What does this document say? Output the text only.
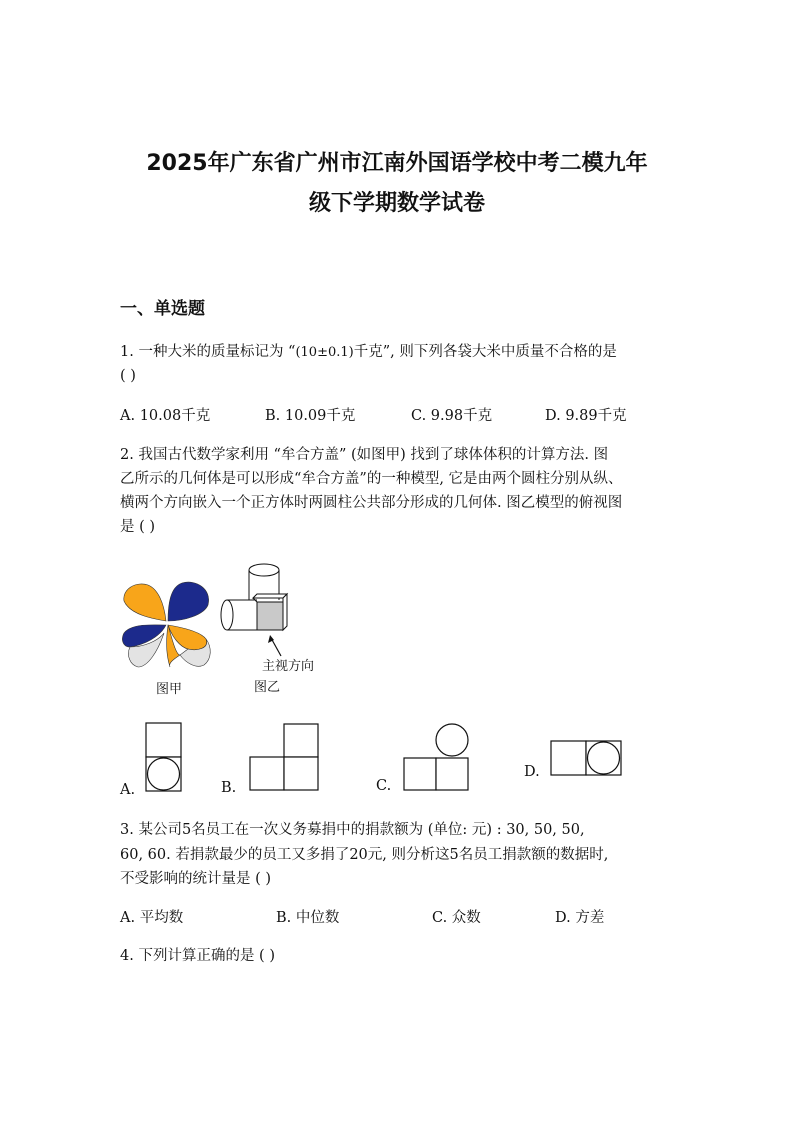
2025年广东省广州市江南外国语学校中考二模九年
级下学期数学试卷
一、单选题
1. 一种大米的质量标记为 “(10±0.1)千克”, 则下列各袋大米中质量不合格的是
( )
A. 10.08千克	B. 10.09千克	C. 9.98千克	D. 9.89千克
2. 我国古代数学家利用 “牟合方盖” (如图甲) 找到了球体体积的计算方法. 图
乙所示的几何体是可以形成“牟合方盖”的一种模型, 它是由两个圆柱分别从纵、
横两个方向嵌入一个正方体时两圆柱公共部分形成的几何体. 图乙模型的俯视图
是 ( )
图甲
主视方向
图乙
A.	B.	C.
D.
3. 某公司5名员工在一次义务募捐中的捐款额为 (单位: 元) : 30, 50, 50,
60, 60. 若捐款最少的员工又多捐了20元, 则分析这5名员工捐款额的数据时,
不受影响的统计量是 ( )
A. 平均数	B. 中位数	C. 众数	D. 方差
4. 下列计算正确的是 ( )
